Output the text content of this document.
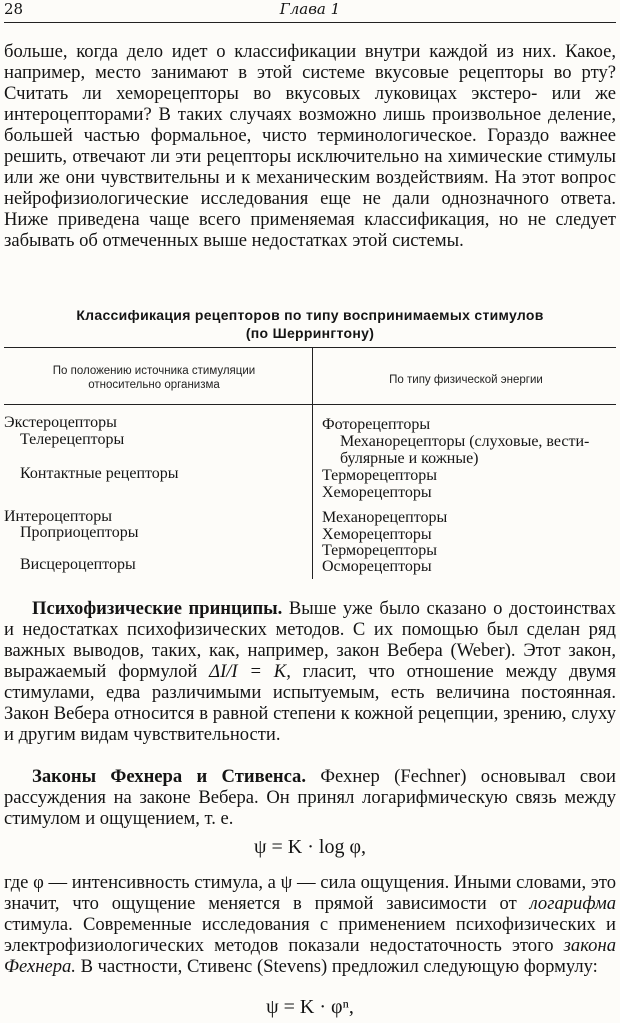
28	Глава 1

больше, когда дело идет о классификации внутри каждой из них. Какое, например, место занимают в этой системе вкусовые рецепторы во рту? Считать ли хеморецепторы во вкусовых луковицах экстеро- или же интероцепторами? В таких случаях возможно лишь произвольное деление, большей частью формальное, чисто терминологическое. Гораздо важнее решить, отвечают ли эти рецепторы исключительно на химические стимулы или же они чувствительны и к механическим воздействиям. На этот вопрос нейрофизиологические исследования еще не дали однозначного ответа. Ниже приведена чаще всего применяемая классификация, но не следует забывать об отмеченных выше недостатках этой системы.

Классификация рецепторов по типу воспринимаемых стимулов
(по Шеррингтону)
По положению источника стимуляции
относительно организма	По типу физической энергии
Экстероцепторы
Телерецепторы
Контактные рецепторы
Интероцепторы
Проприоцепторы
Висцероцепторы
Фоторецепторы
Механорецепторы (слуховые, вести-
булярные и кожные)
Терморецепторы
Хеморецепторы
Механорецепторы
Хеморецепторы
Терморецепторы
Осморецепторы

Психофизические принципы. Выше уже было сказано о достоинствах и недостатках психофизических методов. С их помощью был сделан ряд важных выводов, таких, как, например, закон Вебера (Weber). Этот закон, выражаемый формулой ΔI/I = K, гласит, что отношение между двумя стимулами, едва различимыми испытуемым, есть величина постоянная. Закон Вебера относится в равной степени к кожной рецепции, зрению, слуху и другим видам чувствительности.

Законы Фехнера и Стивенса. Фехнер (Fechner) основывал свои рассуждения на законе Вебера. Он принял логарифмическую связь между стимулом и ощущением, т. е.

ψ = K · log φ,

где φ — интенсивность стимула, а ψ — сила ощущения. Иными словами, это значит, что ощущение меняется в прямой зависимости от логарифма стимула. Современные исследования с применением психофизических и электрофизиологических методов показали недостаточность этого закона Фехнера. В частности, Стивенс (Stevens) предложил следующую формулу:

ψ = K · φⁿ,
